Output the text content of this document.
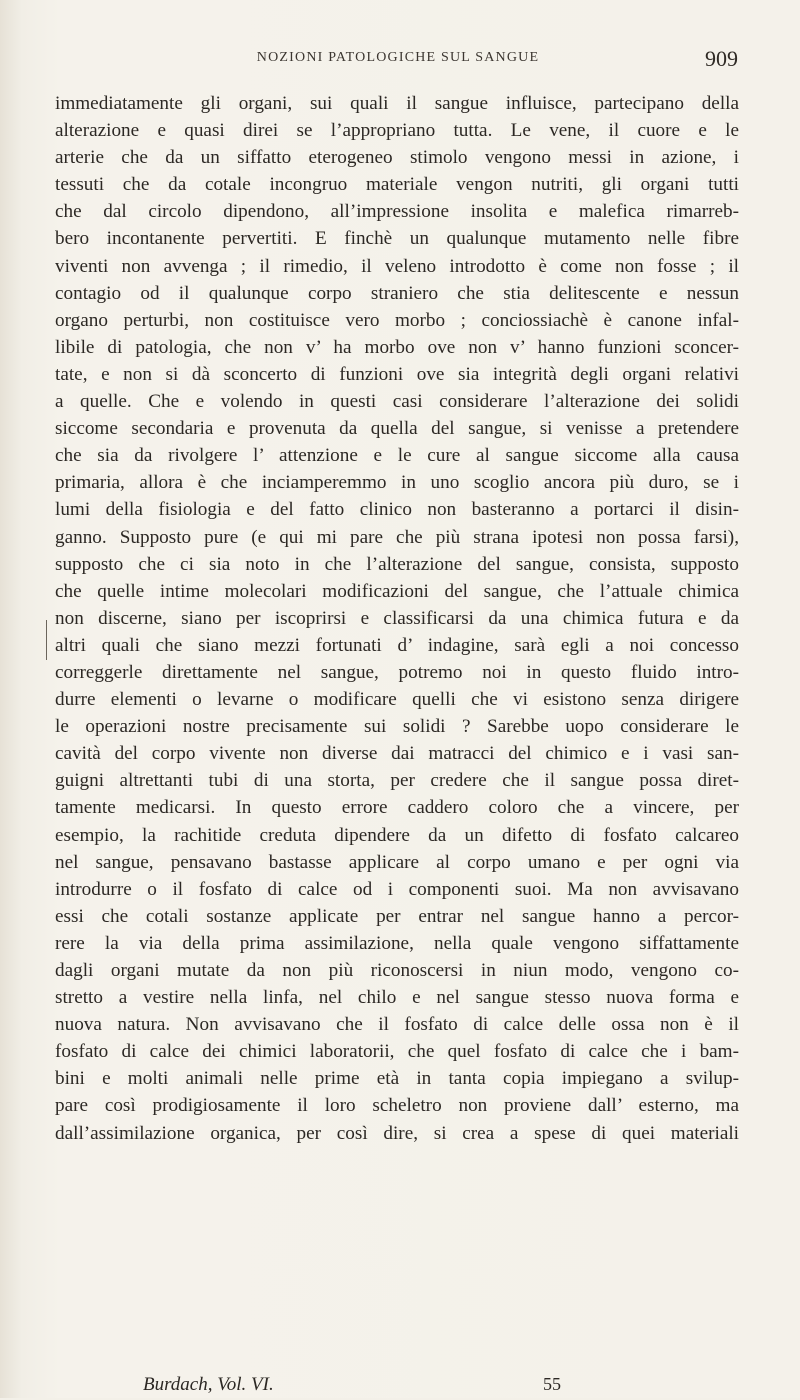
NOZIONI PATOLOGICHE SUL SANGUE	909
immediatamente gli organi, sui quali il sangue influisce, partecipano della
alterazione e quasi direi se l’appropriano tutta. Le vene, il cuore e le
arterie che da un siffatto eterogeneo stimolo vengono messi in azione, i
tessuti che da cotale incongruo materiale vengon nutriti, gli organi tutti
che dal circolo dipendono, all’impressione insolita e malefica rimarreb-
bero incontanente pervertiti. E finchè un qualunque mutamento nelle fibre
viventi non avvenga ; il rimedio, il veleno introdotto è come non fosse ; il
contagio od il qualunque corpo straniero che stia delitescente e nessun
organo perturbi, non costituisce vero morbo ; conciossiachè è canone infal-
libile di patologia, che non v’ ha morbo ove non v’ hanno funzioni sconcer-
tate, e non si dà sconcerto di funzioni ove sia integrità degli organi relativi
a quelle. Che e volendo in questi casi considerare l’alterazione dei solidi
siccome secondaria e provenuta da quella del sangue, si venisse a pretendere
che sia da rivolgere l’ attenzione e le cure al sangue siccome alla causa
primaria, allora è che inciamperemmo in uno scoglio ancora più duro, se i
lumi della fisiologia e del fatto clinico non basteranno a portarci il disin-
ganno. Supposto pure (e qui mi pare che più strana ipotesi non possa farsi),
supposto che ci sia noto in che l’alterazione del sangue, consista, supposto
che quelle intime molecolari modificazioni del sangue, che l’attuale chimica
non discerne, siano per iscoprirsi e classificarsi da una chimica futura e da
altri quali che siano mezzi fortunati d’ indagine, sarà egli a noi concesso
correggerle direttamente nel sangue, potremo noi in questo fluido intro-
durre elementi o levarne o modificare quelli che vi esistono senza dirigere
le operazioni nostre precisamente sui solidi ? Sarebbe uopo considerare le
cavità del corpo vivente non diverse dai matracci del chimico e i vasi san-
guigni altrettanti tubi di una storta, per credere che il sangue possa diret-
tamente medicarsi. In questo errore caddero coloro che a vincere, per
esempio, la rachitide creduta dipendere da un difetto di fosfato calcareo
nel sangue, pensavano bastasse applicare al corpo umano e per ogni via
introdurre o il fosfato di calce od i componenti suoi. Ma non avvisavano
essi che cotali sostanze applicate per entrar nel sangue hanno a percor-
rere la via della prima assimilazione, nella quale vengono siffattamente
dagli organi mutate da non più riconoscersi in niun modo, vengono co-
stretto a vestire nella linfa, nel chilo e nel sangue stesso nuova forma e
nuova natura. Non avvisavano che il fosfato di calce delle ossa non è il
fosfato di calce dei chimici laboratorii, che quel fosfato di calce che i bam-
bini e molti animali nelle prime età in tanta copia impiegano a svilup-
pare così prodigiosamente il loro scheletro non proviene dall’ esterno, ma
dall’assimilazione organica, per così dire, si crea a spese di quei materiali
Burdach, Vol. VI.	55
